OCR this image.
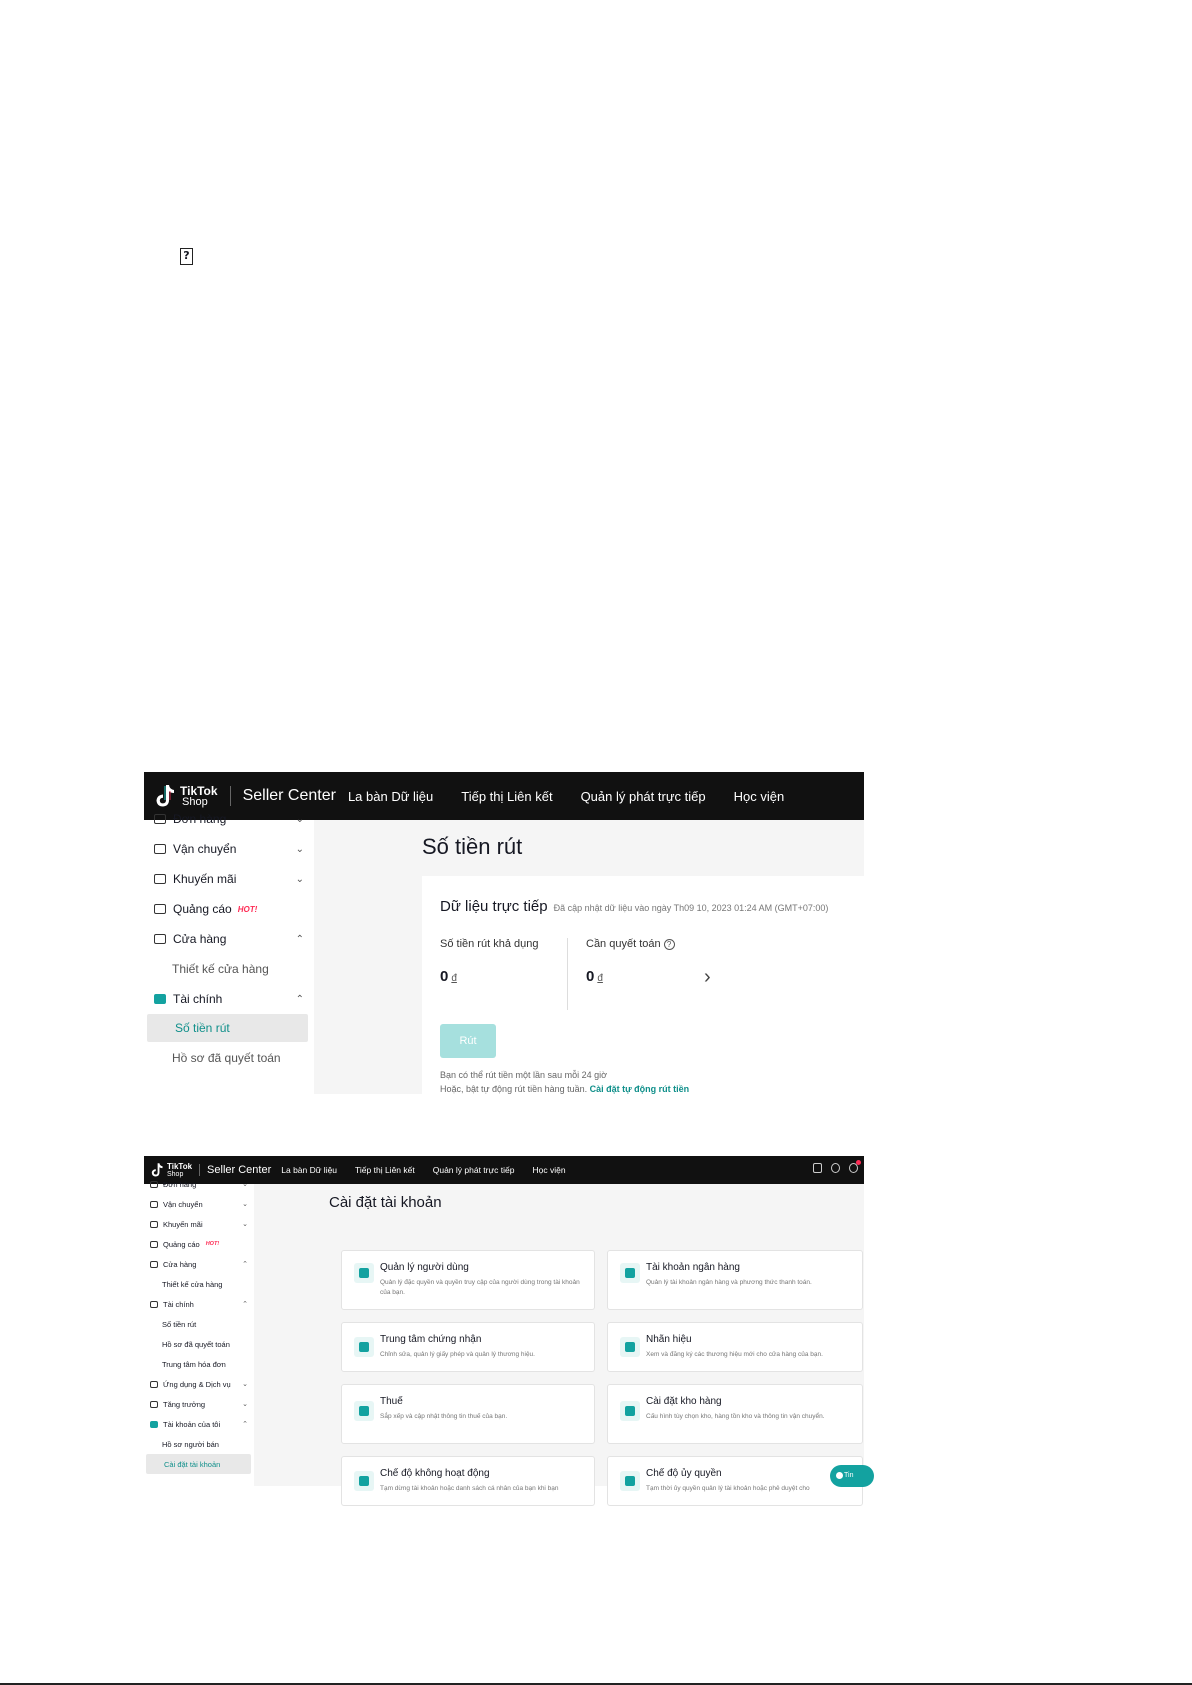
?
TikTok
Shop	Seller Center La bàn Dữ liệu Tiếp thị Liên kết Quản lý phát trực tiếp Học viện
Đơn hàng	⌄
Vận chuyển	⌄
Khuyến mãi	⌄
Quảng cáo HOT!
Cửa hàng	⌃
Thiết kế cửa hàng
Tài chính	⌃
Số tiền rút
Hồ sơ đã quyết toán
Số tiền rút
Dữ liệu trực tiếp Đã cập nhật dữ liệu vào ngày Th09 10, 2023 01:24 AM (GMT+07:00)
Số tiền rút khả dụng	Cần quyết toán ?
0 đ	0 đ	›
Rút
Bạn có thể rút tiền một lần sau mỗi 24 giờ
Hoặc, bật tự động rút tiền hàng tuần. Cài đặt tự động rút tiền
TikTok
Shop	Seller Center La bàn Dữ liệu Tiếp thị Liên kết Quản lý phát trực tiếp Học viện
Đơn hàng	⌄
Vận chuyển	⌄
Khuyến mãi	⌄
Quảng cáo HOT!
Cửa hàng	⌃
Thiết kế cửa hàng
Tài chính	⌃
Số tiền rút
Hồ sơ đã quyết toán
Trung tâm hóa đơn
Ứng dụng & Dịch vụ ⌄
Tăng trưởng	⌄
Tài khoản của tôi	⌃
Hồ sơ người bán
Cài đặt tài khoản
Cài đặt tài khoản
Quản lý người dùng
Quản lý đặc quyền và quyền truy cập của người dùng trong tài khoản của bạn.
Tài khoản ngân hàng
Quản lý tài khoản ngân hàng và phương thức thanh toán.
Trung tâm chứng nhận
Chỉnh sửa, quản lý giấy phép và quản lý thương hiệu.
Nhãn hiệu
Xem và đăng ký các thương hiệu mới cho cửa hàng của bạn.
Thuế
Sắp xếp và cập nhật thông tin thuế của bạn.
Cài đặt kho hàng
Cấu hình tùy chọn kho, hàng tồn kho và thông tin vận chuyển.
Chế độ không hoạt động
Tạm dừng tài khoản hoặc danh sách cá nhân của bạn khi bạn
Chế độ ủy quyền
Tạm thời ủy quyền quản lý tài khoản hoặc phê duyệt cho
Tin
